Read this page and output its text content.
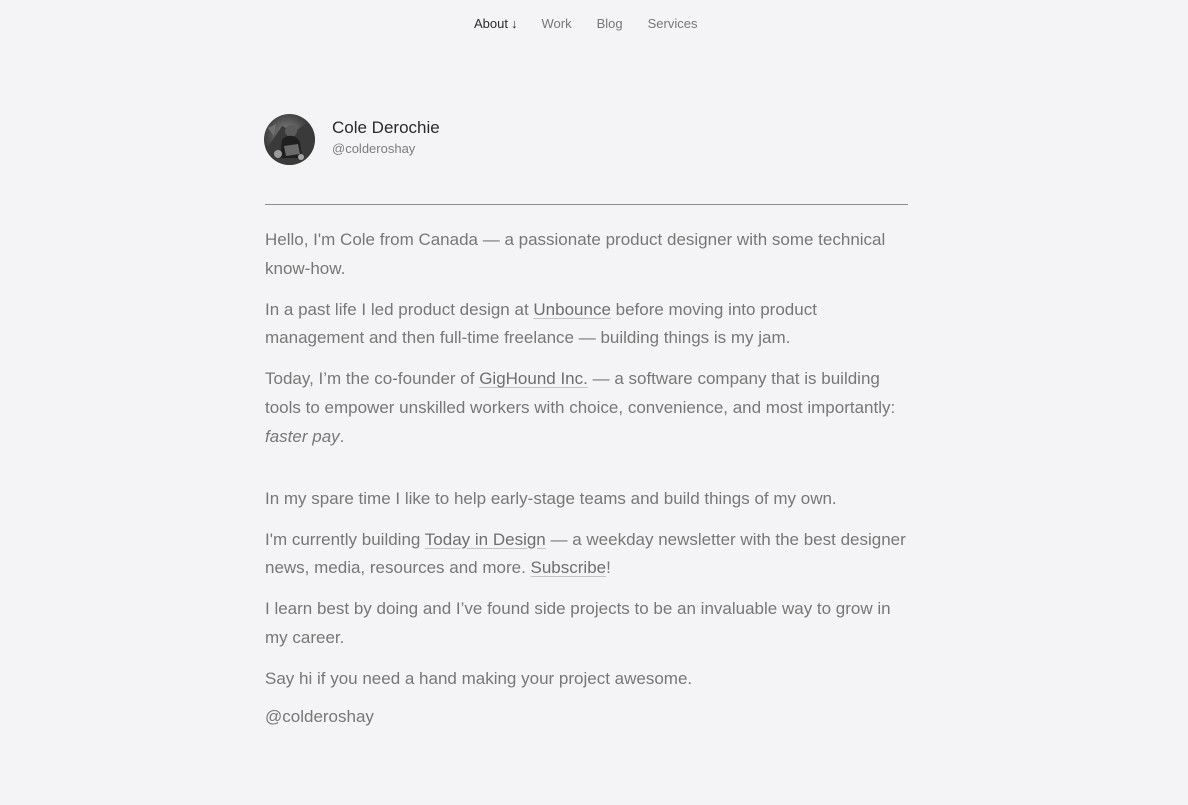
About ↓ Work Blog Services
Cole Derochie
@colderoshay

Hello, I'm Cole from Canada — a passionate product designer with some technical know-how.

In a past life I led product design at Unbounce before moving into product management and then full-time freelance — building things is my jam.

Today, I’m the co-founder of GigHound Inc. — a software company that is building tools to empower unskilled workers with choice, convenience, and most importantly: faster pay.

In my spare time I like to help early-stage teams and build things of my own.

I'm currently building Today in Design — a weekday newsletter with the best designer news, media, resources and more. Subscribe!

I learn best by doing and I’ve found side projects to be an invaluable way to grow in my career.

Say hi if you need a hand making your project awesome.

@colderoshay
